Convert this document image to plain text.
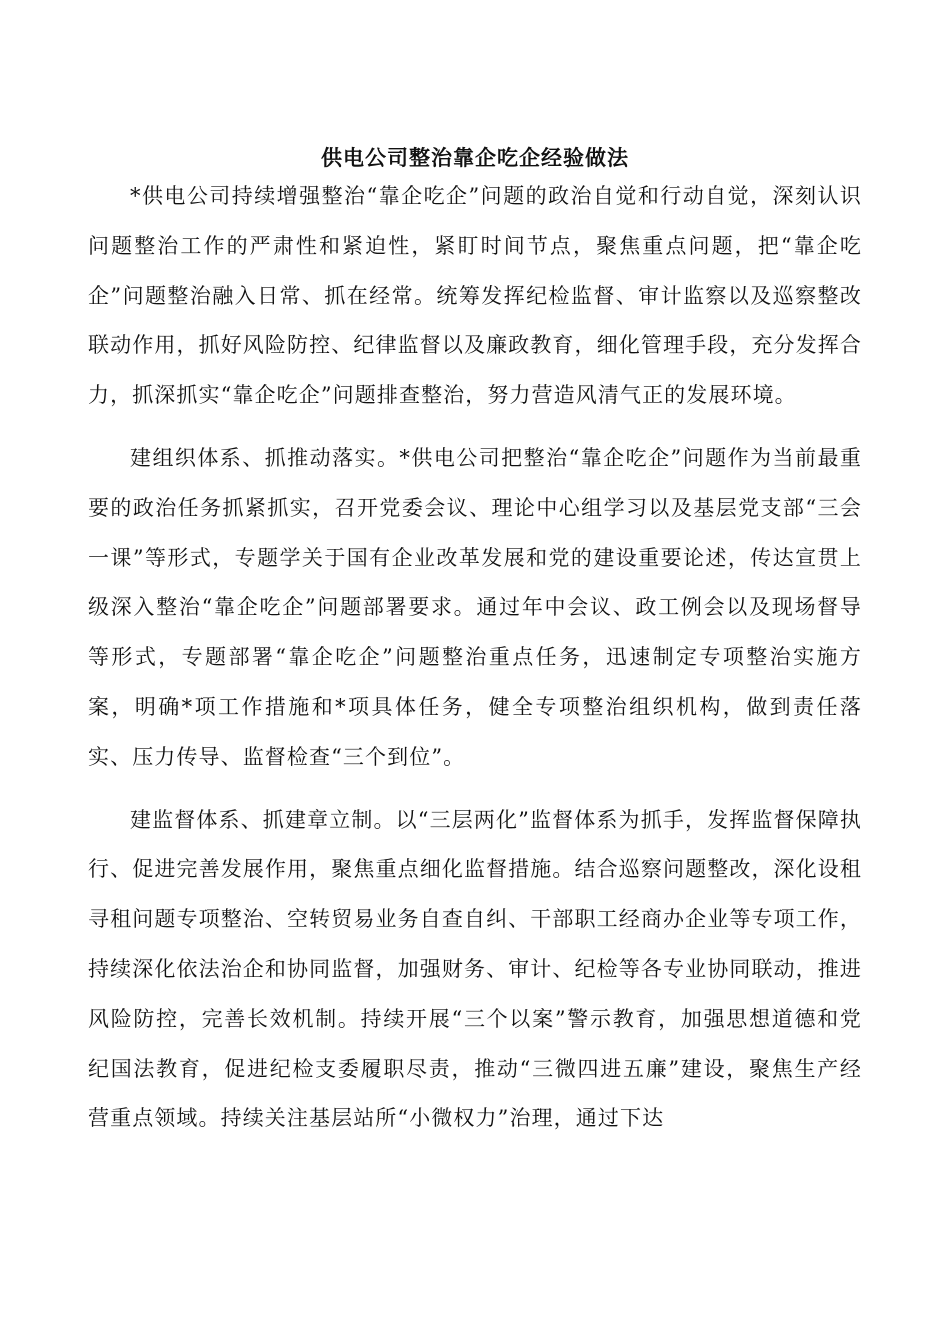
供电公司整治靠企吃企经验做法

*供电公司持续增强整治“靠企吃企”问题的政治自觉和行动自觉，深刻认识问题整治工作的严肃性和紧迫性，紧盯时间节点，聚焦重点问题，把“靠企吃企”问题整治融入日常、抓在经常。统筹发挥纪检监督、审计监察以及巡察整改联动作用，抓好风险防控、纪律监督以及廉政教育，细化管理手段，充分发挥合力，抓深抓实“靠企吃企”问题排查整治，努力营造风清气正的发展环境。

建组织体系、抓推动落实。*供电公司把整治“靠企吃企”问题作为当前最重要的政治任务抓紧抓实，召开党委会议、理论中心组学习以及基层党支部“三会一课”等形式，专题学关于国有企业改革发展和党的建设重要论述，传达宣贯上级深入整治“靠企吃企”问题部署要求。通过年中会议、政工例会以及现场督导等形式，专题部署“靠企吃企”问题整治重点任务，迅速制定专项整治实施方案，明确*项工作措施和*项具体任务，健全专项整治组织机构，做到责任落实、压力传导、监督检查“三个到位”。

建监督体系、抓建章立制。以“三层两化”监督体系为抓手，发挥监督保障执行、促进完善发展作用，聚焦重点细化监督措施。结合巡察问题整改，深化设租寻租问题专项整治、空转贸易业务自查自纠、干部职工经商办企业等专项工作，持续深化依法治企和协同监督，加强财务、审计、纪检等各专业协同联动，推进风险防控，完善长效机制。持续开展“三个以案”警示教育，加强思想道德和党纪国法教育，促进纪检支委履职尽责，推动“三微四进五廉”建设，聚焦生产经营重点领域。持续关注基层站所“小微权力”治理，通过下达
